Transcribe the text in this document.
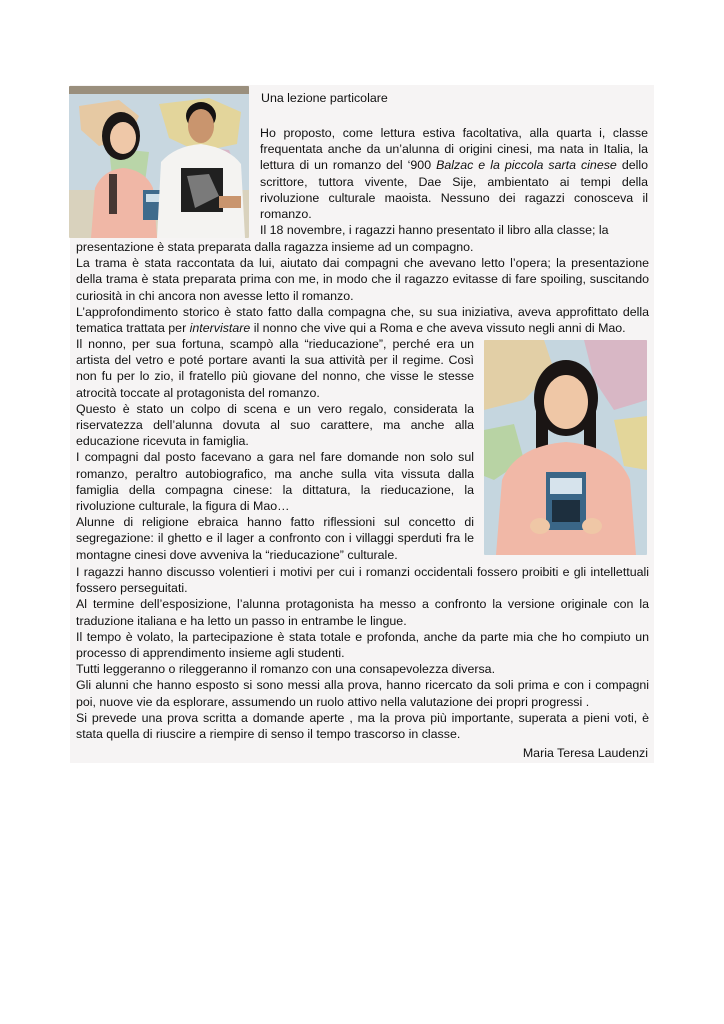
Una lezione particolare

Ho proposto, come lettura estiva facoltativa, alla quarta i, classe frequentata anche da un’alunna di origini cinesi, ma nata in Italia, la lettura di un romanzo del ‘900 Balzac e la piccola sarta cinese dello scrittore, tuttora vivente, Dae Sije, ambientato ai tempi della rivoluzione culturale maoista. Nessuno dei ragazzi conosceva il romanzo.

Il 18 novembre, i ragazzi hanno presentato il libro alla classe; la

presentazione è stata preparata dalla ragazza insieme ad un compagno.

La trama è stata raccontata da lui, aiutato dai compagni che avevano letto l’opera; la presentazione della trama è stata preparata prima con me, in modo che il ragazzo evitasse di fare spoiling, suscitando curiosità in chi ancora non avesse letto il romanzo.

L’approfondimento storico è stato fatto dalla compagna che, su sua iniziativa, aveva approfittato della tematica trattata per intervistare il nonno che vive qui a Roma e che aveva vissuto negli anni di Mao.

Il nonno, per sua fortuna, scampò alla “rieducazione”, perché era un artista del vetro e poté portare avanti la sua attività per il regime. Così non fu per lo zio, il fratello più giovane del nonno, che visse le stesse atrocità toccate al protagonista del romanzo.

Questo è stato un colpo di scena e un vero regalo, considerata la riservatezza dell’alunna dovuta al suo carattere, ma anche alla educazione ricevuta in famiglia.

I compagni dal posto facevano a gara nel fare domande non solo sul romanzo, peraltro autobiografico, ma anche sulla vita vissuta dalla famiglia della compagna cinese: la dittatura, la rieducazione, la rivoluzione culturale, la figura di Mao…

Alunne di religione ebraica hanno fatto riflessioni sul concetto di segregazione: il ghetto e il lager a confronto con i villaggi sperduti fra le montagne cinesi dove avveniva la “rieducazione” culturale.

I ragazzi hanno discusso volentieri i motivi per cui i romanzi occidentali fossero proibiti e gli intellettuali fossero perseguitati.

Al termine dell’esposizione, l’alunna protagonista ha messo a confronto la versione originale con la traduzione italiana e ha letto un passo in entrambe le lingue.

Il tempo è volato, la partecipazione è stata totale e profonda, anche da parte mia che ho compiuto un processo di apprendimento insieme agli studenti.

Tutti leggeranno o rileggeranno il romanzo con una consapevolezza diversa.

Gli alunni che hanno esposto si sono messi alla prova, hanno ricercato da soli prima e con i compagni poi, nuove vie da esplorare, assumendo un ruolo attivo nella valutazione dei propri progressi .

Si prevede una prova scritta a domande aperte , ma la prova più importante, superata a pieni voti, è stata quella di riuscire a riempire di senso il tempo trascorso in classe.

Maria Teresa Laudenzi
